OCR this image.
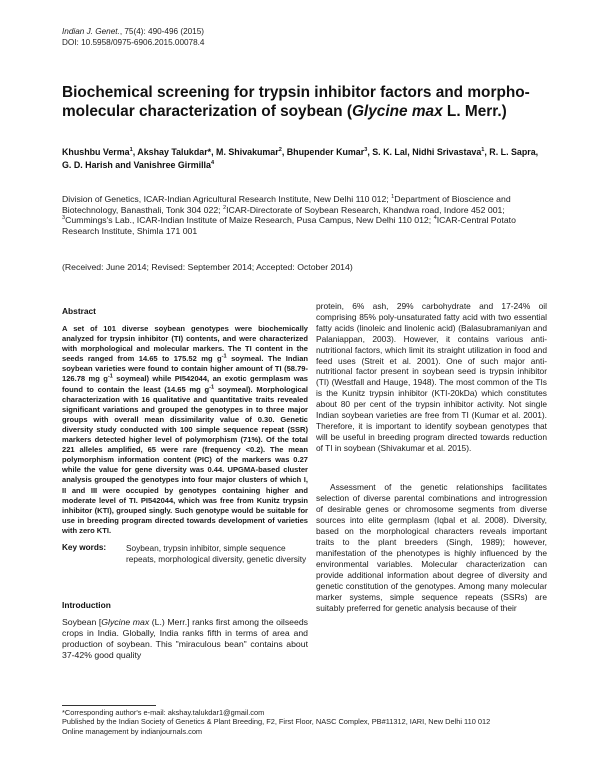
Indian J. Genet., 75(4): 490-496 (2015)
DOI: 10.5958/0975-6906.2015.00078.4
Biochemical screening for trypsin inhibitor factors and morpho-molecular characterization of soybean (Glycine max L. Merr.)
Khushbu Verma$^1$, Akshay Talukdar*, M. Shivakumar$^2$, Bhupender Kumar$^3$, S. K. Lal, Nidhi Srivastava$^1$, R. L. Sapra, G. D. Harish and Vanishree Girmilla$^4$
Division of Genetics, ICAR-Indian Agricultural Research Institute, New Delhi 110 012; $^1$Department of Bioscience and Biotechnology, Banasthali, Tonk 304 022; $^2$ICAR-Directorate of Soybean Research, Khandwa road, Indore 452 001; $^3$Cummings's Lab., ICAR-Indian Institute of Maize Research, Pusa Campus, New Delhi 110 012; $^4$ICAR-Central Potato Research Institute, Shimla 171 001
(Received: June 2014; Revised: September 2014; Accepted: October 2014)
Abstract
A set of 101 diverse soybean genotypes were biochemically analyzed for trypsin inhibitor (TI) contents, and were characterized with morphological and molecular markers. The TI content in the seeds ranged from 14.65 to 175.52 mg $g^{-1}$ soymeal. The Indian soybean varieties were found to contain higher amount of TI (58.79-126.78 mg $g^{-1}$ soymeal) while PI542044, an exotic germplasm was found to contain the least (14.65 mg $g^{-1}$ soymeal). Morphological characterization with 16 qualitative and quantitative traits revealed significant variations and grouped the genotypes in to three major groups with overall mean dissimilarity value of 0.30. Genetic diversity study conducted with 100 simple sequence repeat (SSR) markers detected higher level of polymorphism (71%). Of the total 221 alleles amplified, 65 were rare (frequency <0.2). The mean polymorphism information content (PIC) of the markers was 0.27 while the value for gene diversity was 0.44. UPGMA-based cluster analysis grouped the genotypes into four major clusters of which I, II and III were occupied by genotypes containing higher and moderate level of TI. PI542044, which was free from Kunitz trypsin inhibitor (KTI), grouped singly. Such genotype would be suitable for use in breeding program directed towards development of varieties with zero KTI.
Key words: Soybean, trypsin inhibitor, simple sequence repeats, morphological diversity, genetic diversity
Introduction
Soybean [Glycine max (L.) Merr.] ranks first among the oilseeds crops in India. Globally, India ranks fifth in terms of area and production of soybean. This "miraculous bean" contains about 37-42% good quality
protein, 6% ash, 29% carbohydrate and 17-24% oil comprising 85% poly-unsaturated fatty acid with two essential fatty acids (linoleic and linolenic acid) (Balasubramaniyan and Palaniappan, 2003). However, it contains various anti-nutritional factors, which limit its straight utilization in food and feed uses (Streit et al. 2001). One of such major anti-nutritional factor present in soybean seed is trypsin inhibitor (TI) (Westfall and Hauge, 1948). The most common of the TIs is the Kunitz trypsin inhibitor (KTI-20kDa) which constitutes about 80 per cent of the trypsin inhibitor activity. Not single Indian soybean varieties are free from TI (Kumar et al. 2001). Therefore, it is important to identify soybean genotypes that will be useful in breeding program directed towards reduction of TI in soybean (Shivakumar et al. 2015).

Assessment of the genetic relationships facilitates selection of diverse parental combinations and introgression of desirable genes or chromosome segments from diverse sources into elite germplasm (Iqbal et al. 2008). Diversity, based on the morphological characters reveals important traits to the plant breeders (Singh, 1989); however, manifestation of the phenotypes is highly influenced by the environmental variables. Molecular characterization can provide additional information about degree of diversity and genetic constitution of the genotypes. Among many molecular marker systems, simple sequence repeats (SSRs) are suitably preferred for genetic analysis because of their

*Corresponding author's e-mail: akshay.talukdar1@gmail.com
Published by the Indian Society of Genetics & Plant Breeding, F2, First Floor, NASC Complex, PB#11312, IARI, New Delhi 110 012
Online management by indianjournals.com
